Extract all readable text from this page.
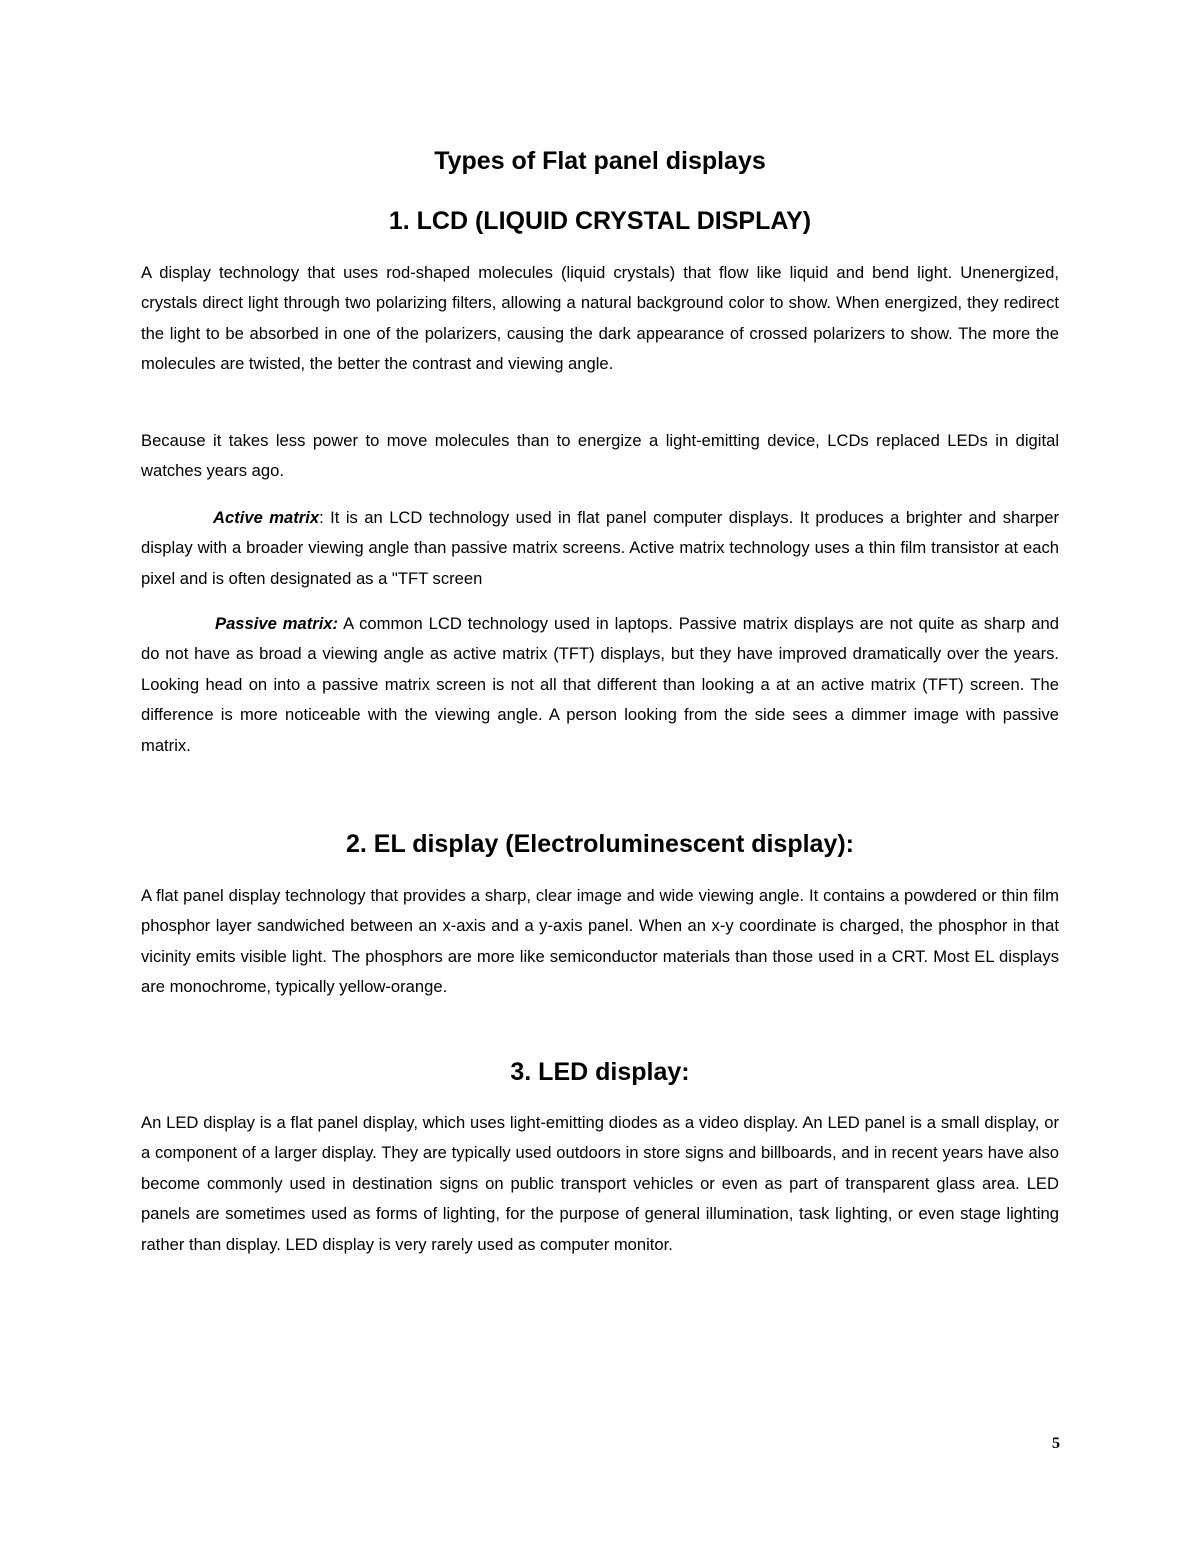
Types of Flat panel displays
1. LCD (LIQUID CRYSTAL DISPLAY)

A display technology that uses rod-shaped molecules (liquid crystals) that flow like liquid and bend light. Unenergized, crystals direct light through two polarizing filters, allowing a natural background color to show. When energized, they redirect the light to be absorbed in one of the polarizers, causing the dark appearance of crossed polarizers to show. The more the molecules are twisted, the better the contrast and viewing angle.

Because it takes less power to move molecules than to energize a light-emitting device, LCDs replaced LEDs in digital watches years ago.

Active matrix: It is an LCD technology used in flat panel computer displays. It produces a brighter and sharper display with a broader viewing angle than passive matrix screens. Active matrix technology uses a thin film transistor at each pixel and is often designated as a "TFT screen

Passive matrix: A common LCD technology used in laptops. Passive matrix displays are not quite as sharp and do not have as broad a viewing angle as active matrix (TFT) displays, but they have improved dramatically over the years. Looking head on into a passive matrix screen is not all that different than looking a at an active matrix (TFT) screen. The difference is more noticeable with the viewing angle. A person looking from the side sees a dimmer image with passive matrix.

2. EL display (Electroluminescent display):

A flat panel display technology that provides a sharp, clear image and wide viewing angle. It contains a powdered or thin film phosphor layer sandwiched between an x-axis and a y-axis panel. When an x-y coordinate is charged, the phosphor in that vicinity emits visible light. The phosphors are more like semiconductor materials than those used in a CRT. Most EL displays are monochrome, typically yellow-orange.

3. LED display:

An LED display is a flat panel display, which uses light-emitting diodes as a video display. An LED panel is a small display, or a component of a larger display. They are typically used outdoors in store signs and billboards, and in recent years have also become commonly used in destination signs on public transport vehicles or even as part of transparent glass area. LED panels are sometimes used as forms of lighting, for the purpose of general illumination, task lighting, or even stage lighting rather than display. LED display is very rarely used as computer monitor.

5
